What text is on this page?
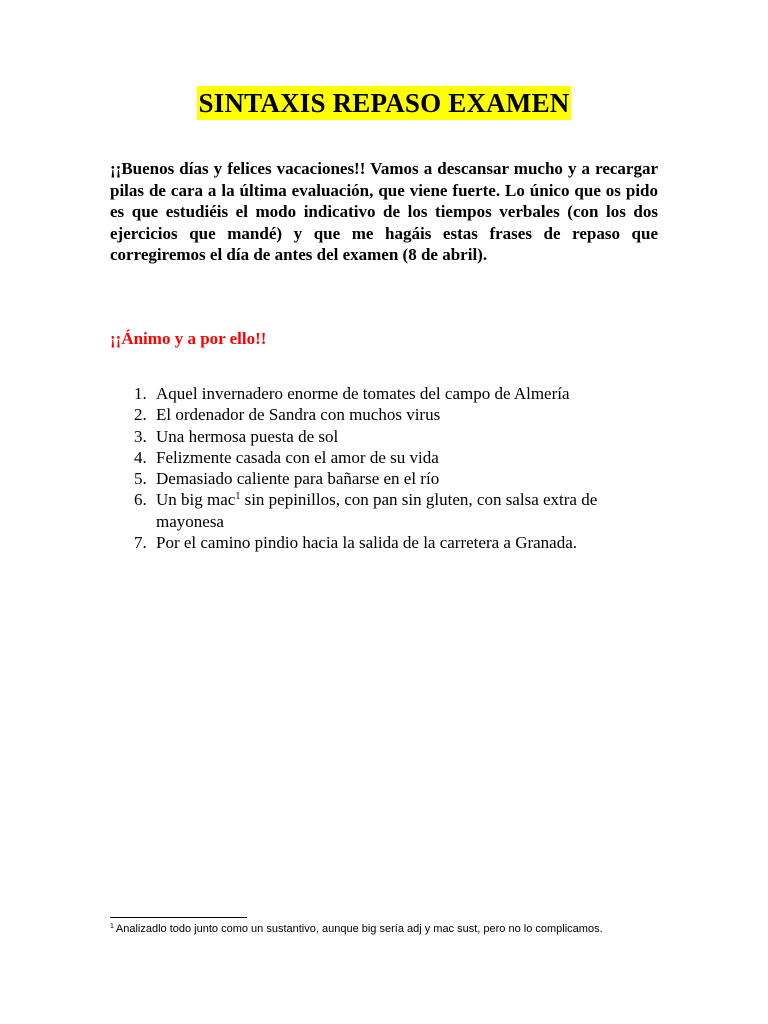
SINTAXIS REPASO EXAMEN

¡¡Buenos días y felices vacaciones!! Vamos a descansar mucho y a recargar pilas de cara a la última evaluación, que viene fuerte. Lo único que os pido es que estudiéis el modo indicativo de los tiempos verbales (con los dos ejercicios que mandé) y que me hagáis estas frases de repaso que corregiremos el día de antes del examen (8 de abril).

¡¡Ánimo y a por ello!!

1. Aquel invernadero enorme de tomates del campo de Almería
2. El ordenador de Sandra con muchos virus
3. Una hermosa puesta de sol
4. Felizmente casada con el amor de su vida
5. Demasiado caliente para bañarse en el río
6. Un big mac$^1$ sin pepinillos, con pan sin gluten, con salsa extra de mayonesa
7. Por el camino pindio hacia la salida de la carretera a Granada.

$^1$ Analizadlo todo junto como un sustantivo, aunque big sería adj y mac sust, pero no lo complicamos.
